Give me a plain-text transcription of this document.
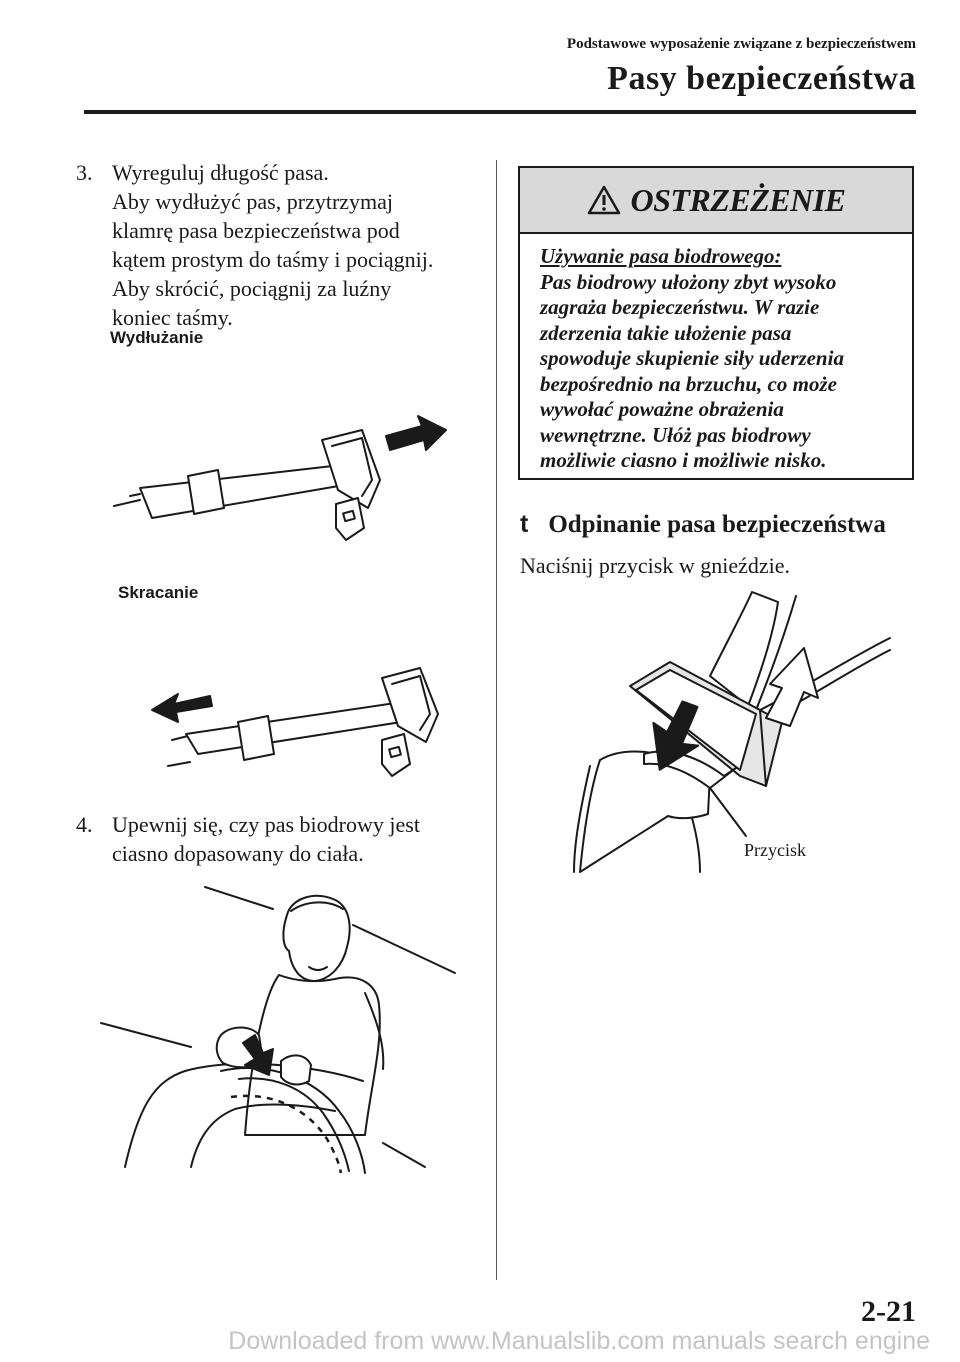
Podstawowe wyposażenie związane z bezpieczeństwem
Pasy bezpieczeństwa
3. Wyreguluj długość pasa.
Aby wydłużyć pas, przytrzymaj
klamrę pasa bezpieczeństwa pod
kątem prostym do taśmy i pociągnij.
Aby skrócić, pociągnij za luźny
koniec taśmy.
Wydłużanie
Skracanie
4. Upewnij się, czy pas biodrowy jest
ciasno dopasowany do ciała.
OSTRZEŻENIE
Używanie pasa biodrowego:
Pas biodrowy ułożony zbyt wysoko
zagraża bezpieczeństwu. W razie
zderzenia takie ułożenie pasa
spowoduje skupienie siły uderzenia
bezpośrednio na brzuchu, co może
wywołać poważne obrażenia
wewnętrzne. Ułóż pas biodrowy
możliwie ciasno i możliwie nisko.
t Odpinanie pasa bezpieczeństwa
Naciśnij przycisk w gnieździe.
Przycisk
2-21
Downloaded from www.Manualslib.com manuals search engine
